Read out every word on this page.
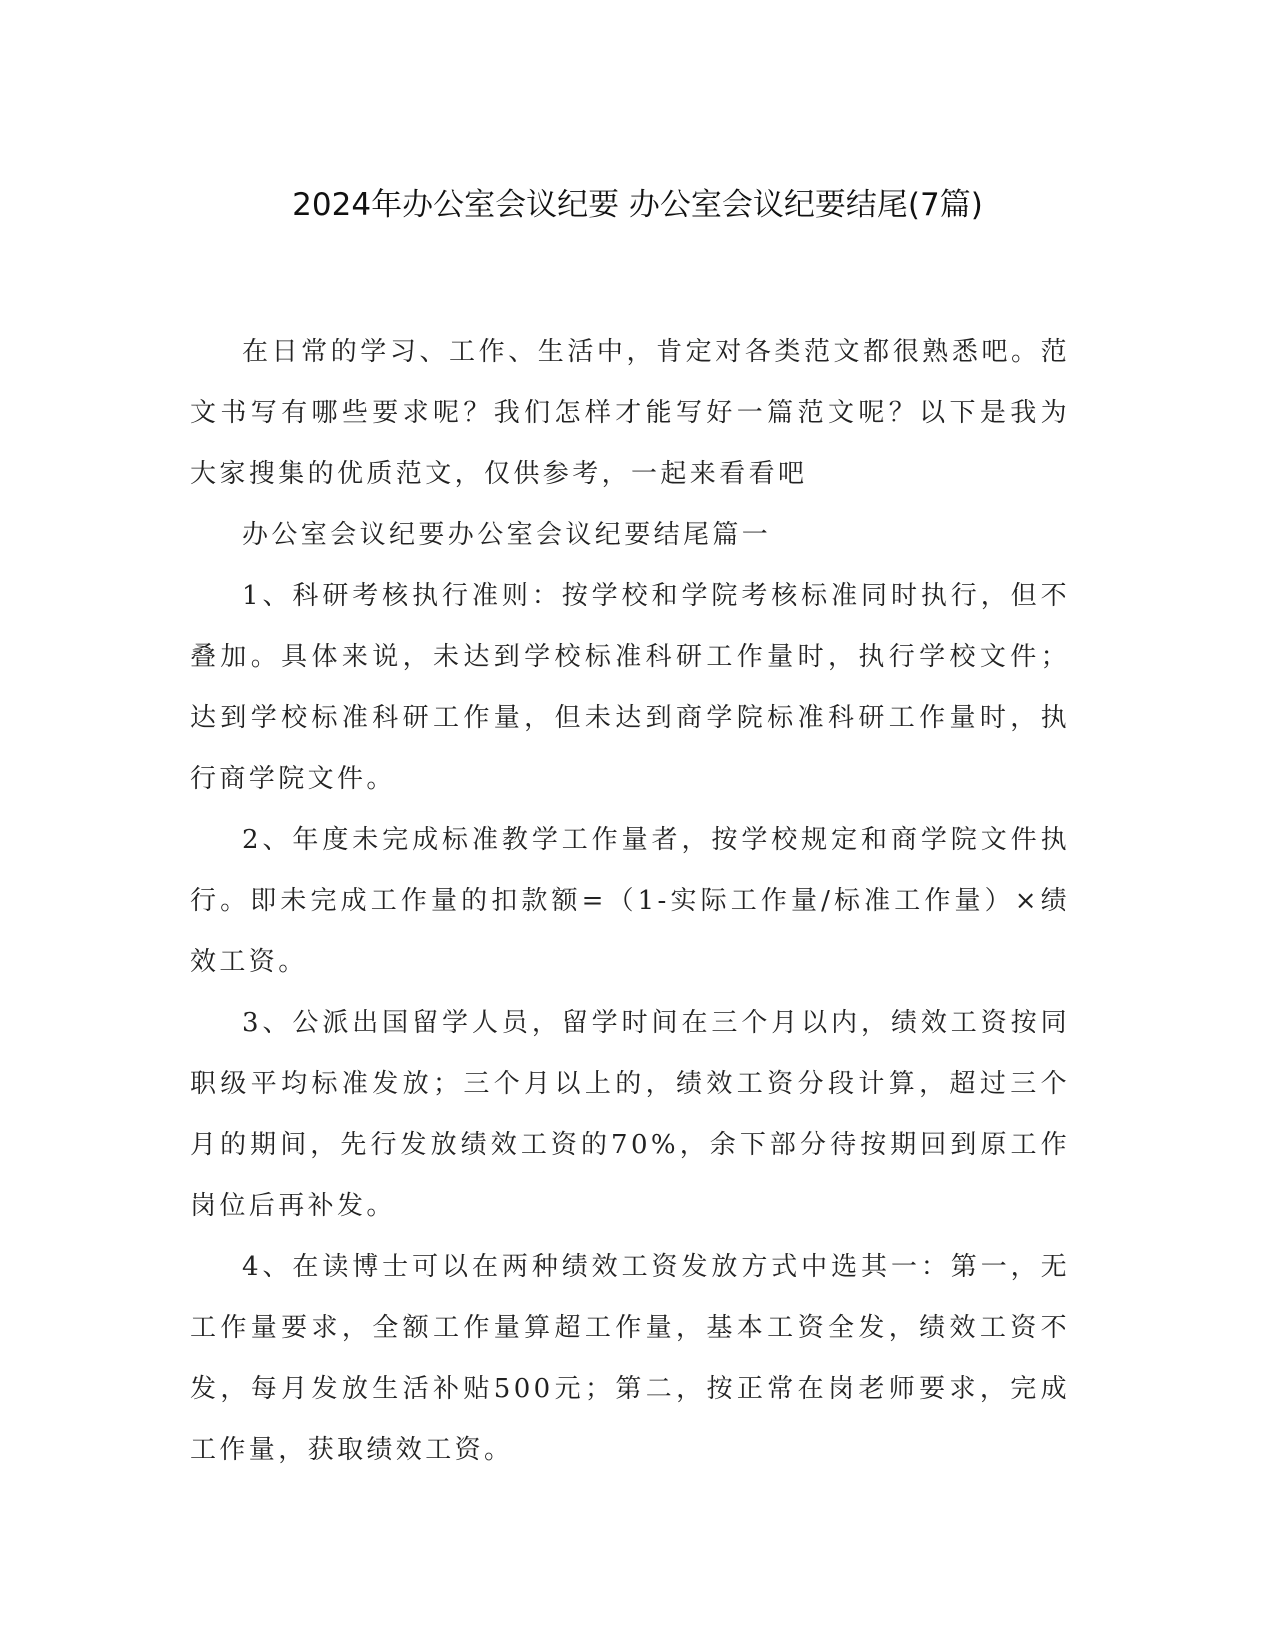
2024年办公室会议纪要 办公室会议纪要结尾(7篇)

在日常的学习、工作、生活中，肯定对各类范文都很熟悉吧。范文书写有哪些要求呢？我们怎样才能写好一篇范文呢？以下是我为大家搜集的优质范文，仅供参考，一起来看看吧

办公室会议纪要办公室会议纪要结尾篇一

1、科研考核执行准则：按学校和学院考核标准同时执行，但不叠加。具体来说，未达到学校标准科研工作量时，执行学校文件；达到学校标准科研工作量，但未达到商学院标准科研工作量时，执行商学院文件。

2、年度未完成标准教学工作量者，按学校规定和商学院文件执行。即未完成工作量的扣款额=（1-实际工作量/标准工作量）×绩效工资。

3、公派出国留学人员，留学时间在三个月以内，绩效工资按同职级平均标准发放；三个月以上的，绩效工资分段计算，超过三个月的期间，先行发放绩效工资的70%，余下部分待按期回到原工作岗位后再补发。

4、在读博士可以在两种绩效工资发放方式中选其一：第一，无工作量要求，全额工作量算超工作量，基本工资全发，绩效工资不发，每月发放生活补贴500元；第二，按正常在岗老师要求，完成工作量，获取绩效工资。
